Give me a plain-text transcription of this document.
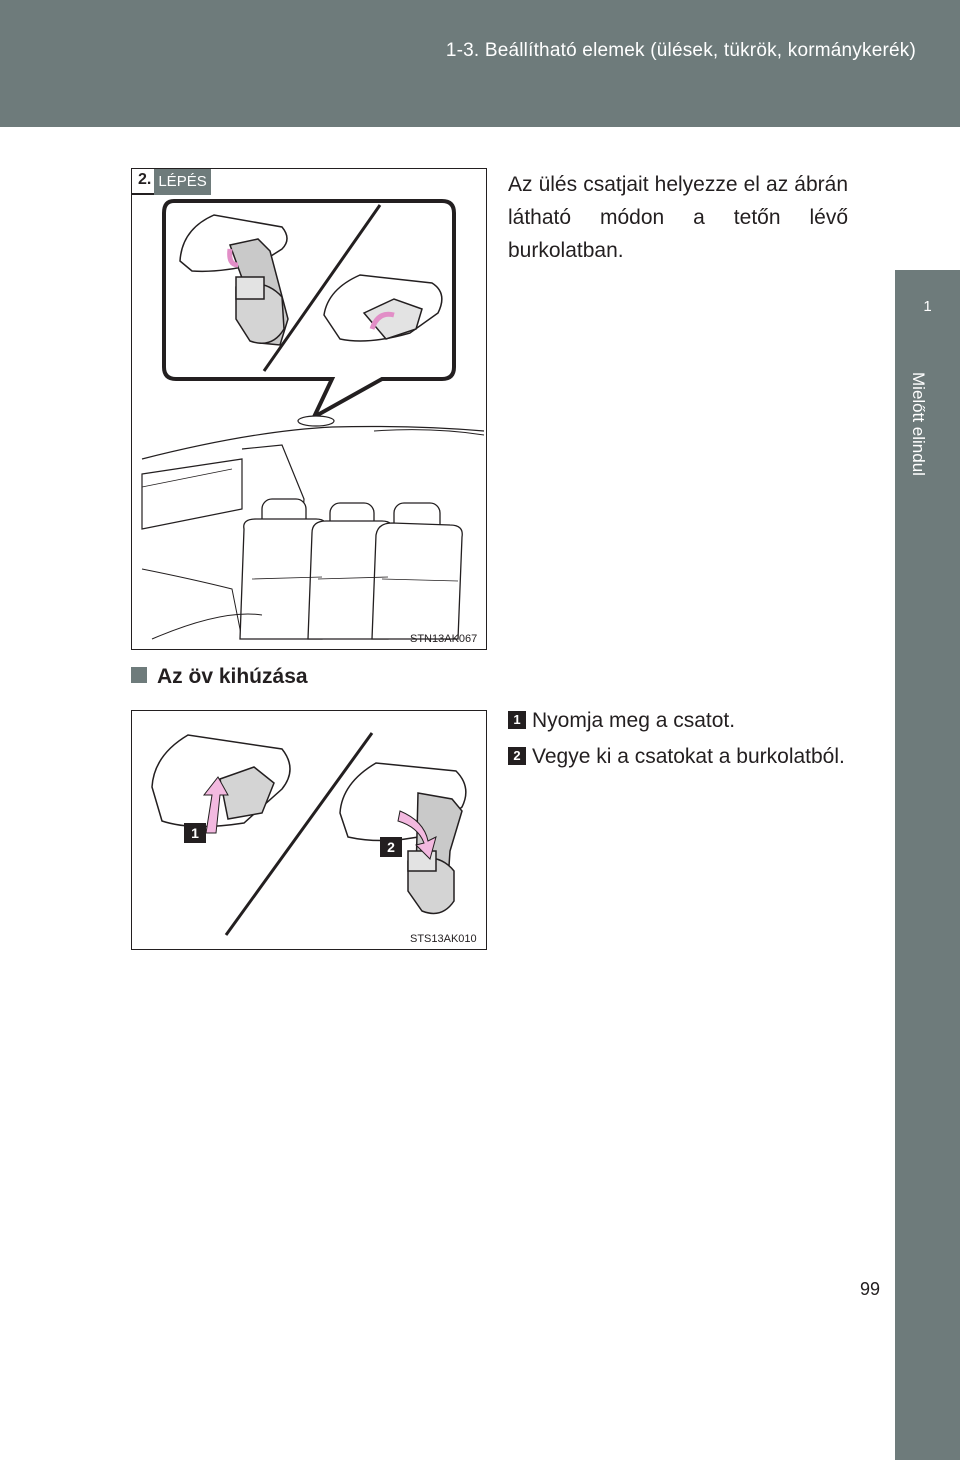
1-3. Beállítható elemek (ülések, tükrök, kormánykerék)
1
Mielőtt elindul
2. LÉPÉS
STN13AK067
Az ülés csatjait helyezze el az ábrán látható módon a tetőn lévő burkolatban.
Az öv kihúzása
1
2
STS13AK010
1 Nyomja meg a csatot.
2 Vegye ki a csatokat a burkolatból.
99
